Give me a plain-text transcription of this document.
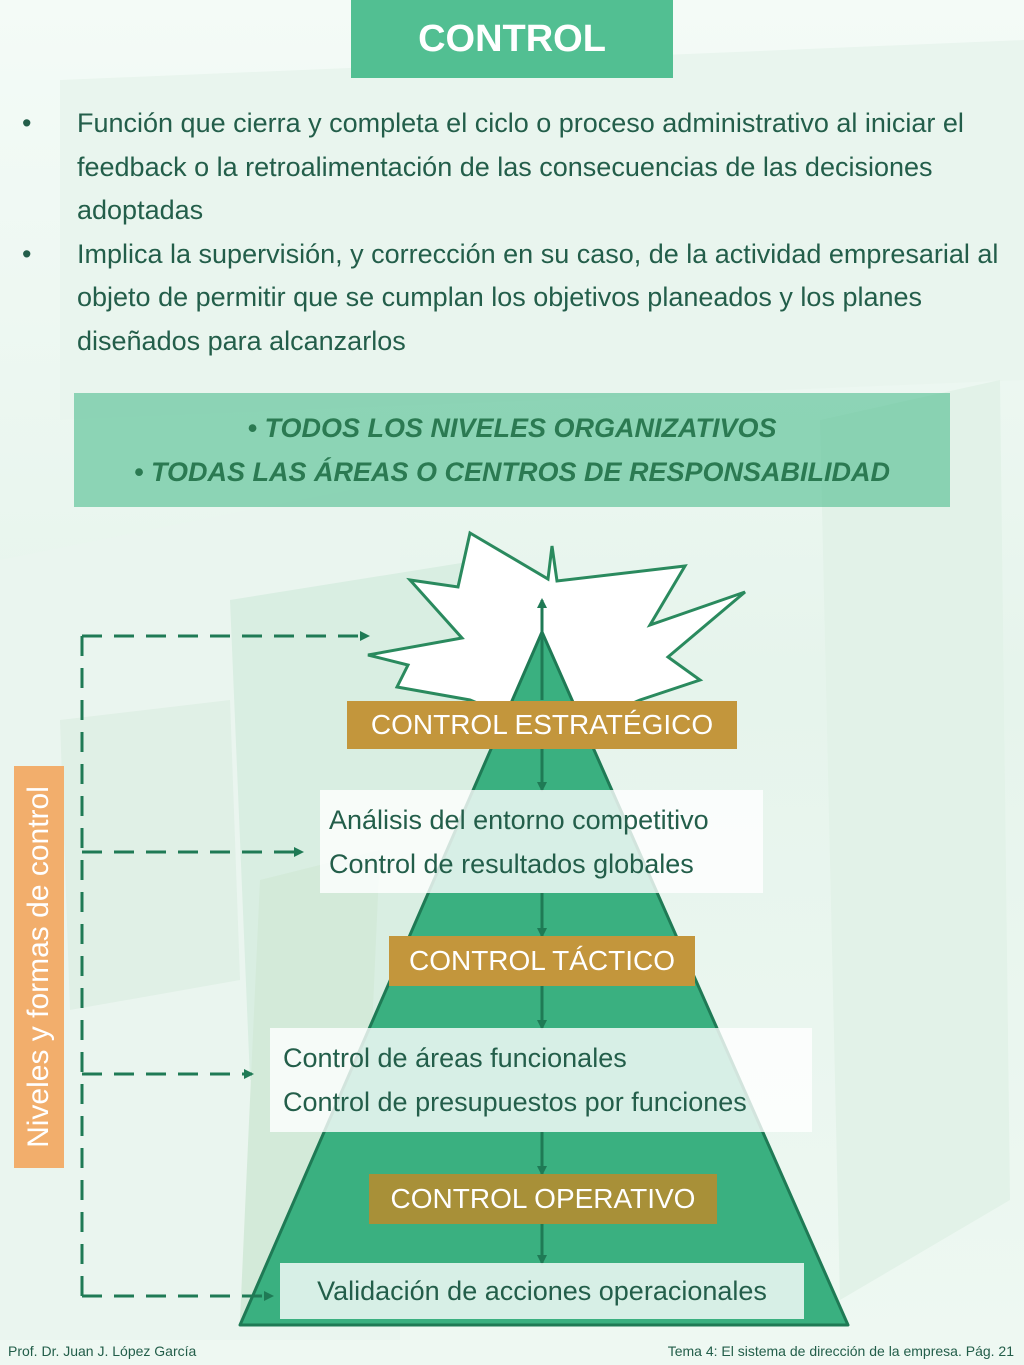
CONTROL
• Función que cierra y completa el ciclo o proceso administrativo al iniciar el feedback o la retroalimentación de las consecuencias de las decisiones adoptadas
• Implica la supervisión, y corrección en su caso, de la actividad empresarial al objeto de permitir que se cumplan los objetivos planeados y los planes diseñados para alcanzarlos
• TODOS LOS NIVELES ORGANIZATIVOS
• TODAS LAS ÁREAS O CENTROS DE RESPONSABILIDAD
CONTROL ESTRATÉGICO
Análisis del entorno competitivo
Control de resultados globales
CONTROL TÁCTICO
Control de áreas funcionales
Control de presupuestos por funciones
CONTROL OPERATIVO
Validación de acciones operacionales
Niveles y formas de control
Prof. Dr. Juan J. López García	Tema 4: El sistema de dirección de la empresa. Pág. 21
